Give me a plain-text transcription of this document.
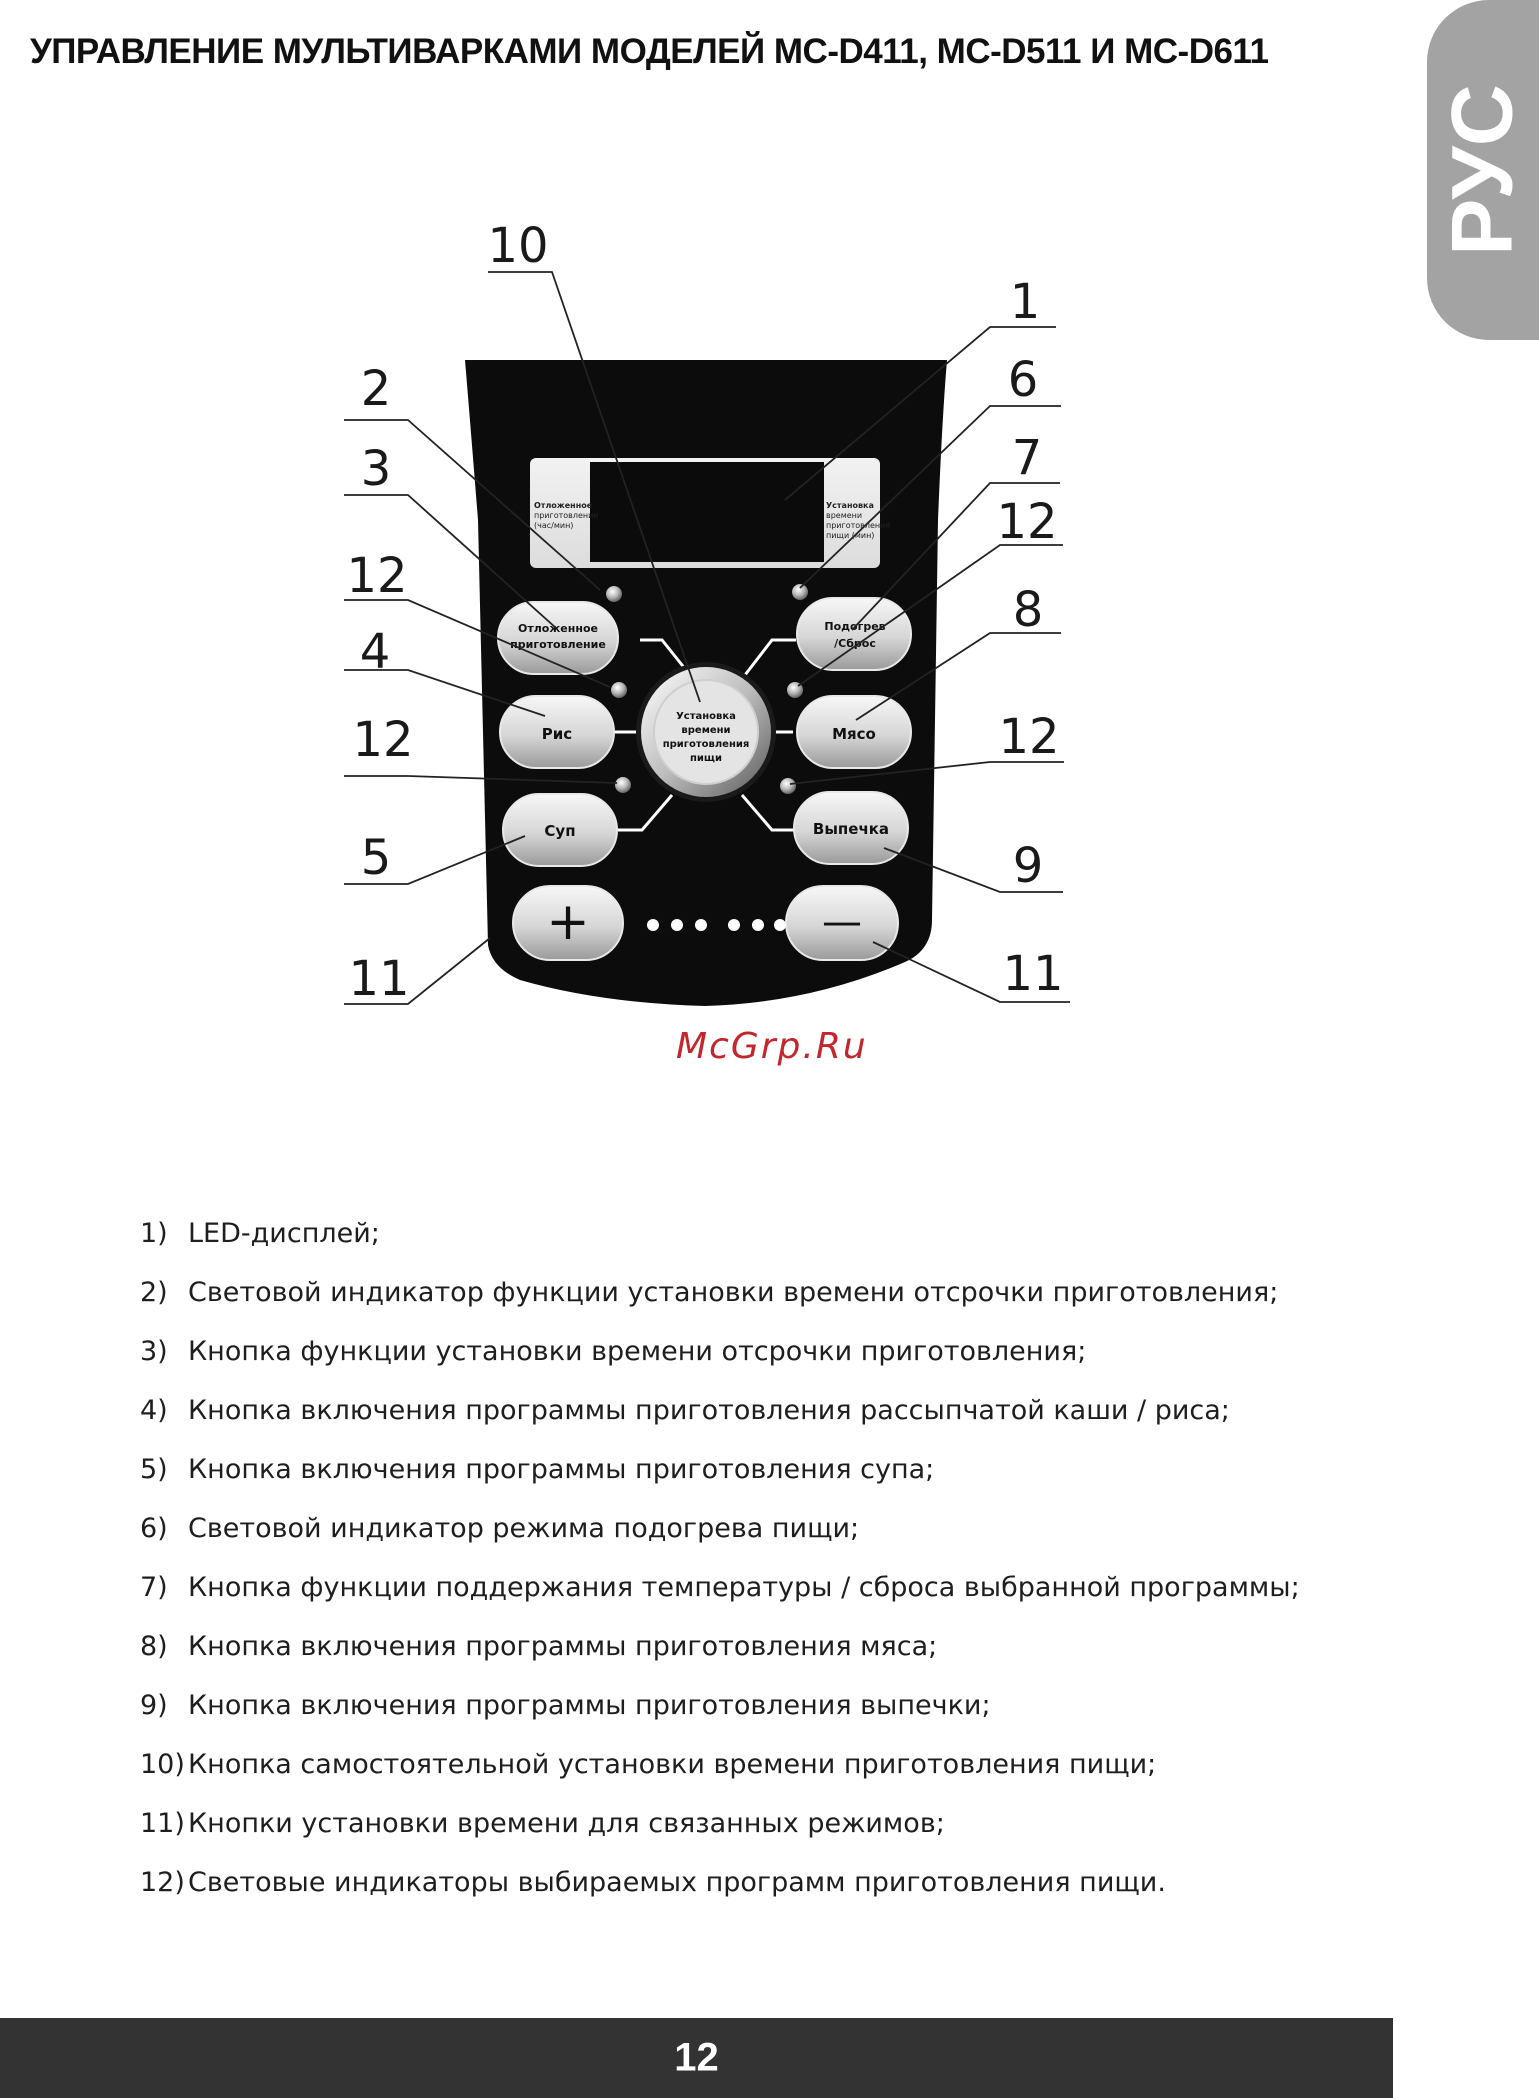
УПРАВЛЕНИЕ МУЛЬТИВАРКАМИ МОДЕЛЕЙ MC-D411, MC-D511 И MC-D611
РУС
Отложенное
приготовление
(час/мин)
Установка
времени
приготовления
пищи (мин)
Установка
времени
приготовления
пищи
Отложенное
приготовление
Рис
Суп
Подогрев
/Сброс
Мясо
Выпечка
+	—
10
1
2	6
3	7
12
12
8
4
12	12
5	9
11	11
McGrp.Ru
1) LED-дисплей;
2) Световой индикатор функции установки времени отсрочки приготовления;
3) Кнопка функции установки времени отсрочки приготовления;
4) Кнопка включения программы приготовления рассыпчатой каши / риса;
5) Кнопка включения программы приготовления супа;
6) Световой индикатор режима подогрева пищи;
7) Кнопка функции поддержания температуры / сброса выбранной программы;
8) Кнопка включения программы приготовления мяса;
9) Кнопка включения программы приготовления выпечки;
10) Кнопка самостоятельной установки времени приготовления пищи;
11) Кнопки установки времени для связанных режимов;
12) Световые индикаторы выбираемых программ приготовления пищи.
12
